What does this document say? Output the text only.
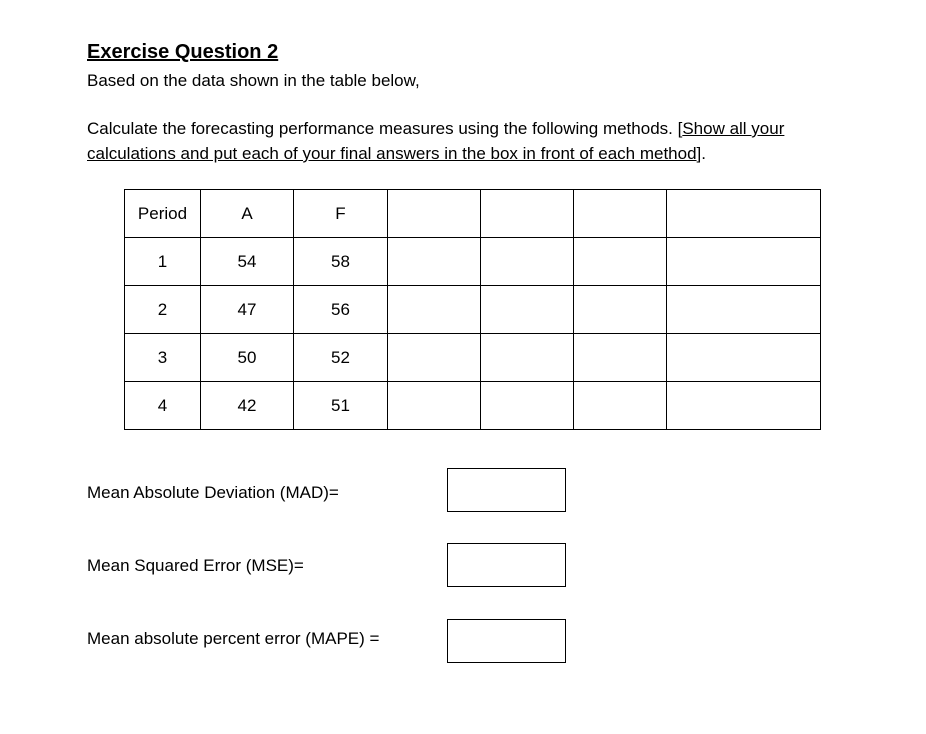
Exercise Question 2
Based on the data shown in the table below,
Calculate the forecasting performance measures using the following methods. [Show all your
calculations and put each of your final answers in the box in front of each method].
Period	A	F				
1	54	58				
2	47	56				
3	50	52				
4	42	51				
Mean Absolute Deviation (MAD)=
Mean Squared Error (MSE)=
Mean absolute percent error (MAPE) =
